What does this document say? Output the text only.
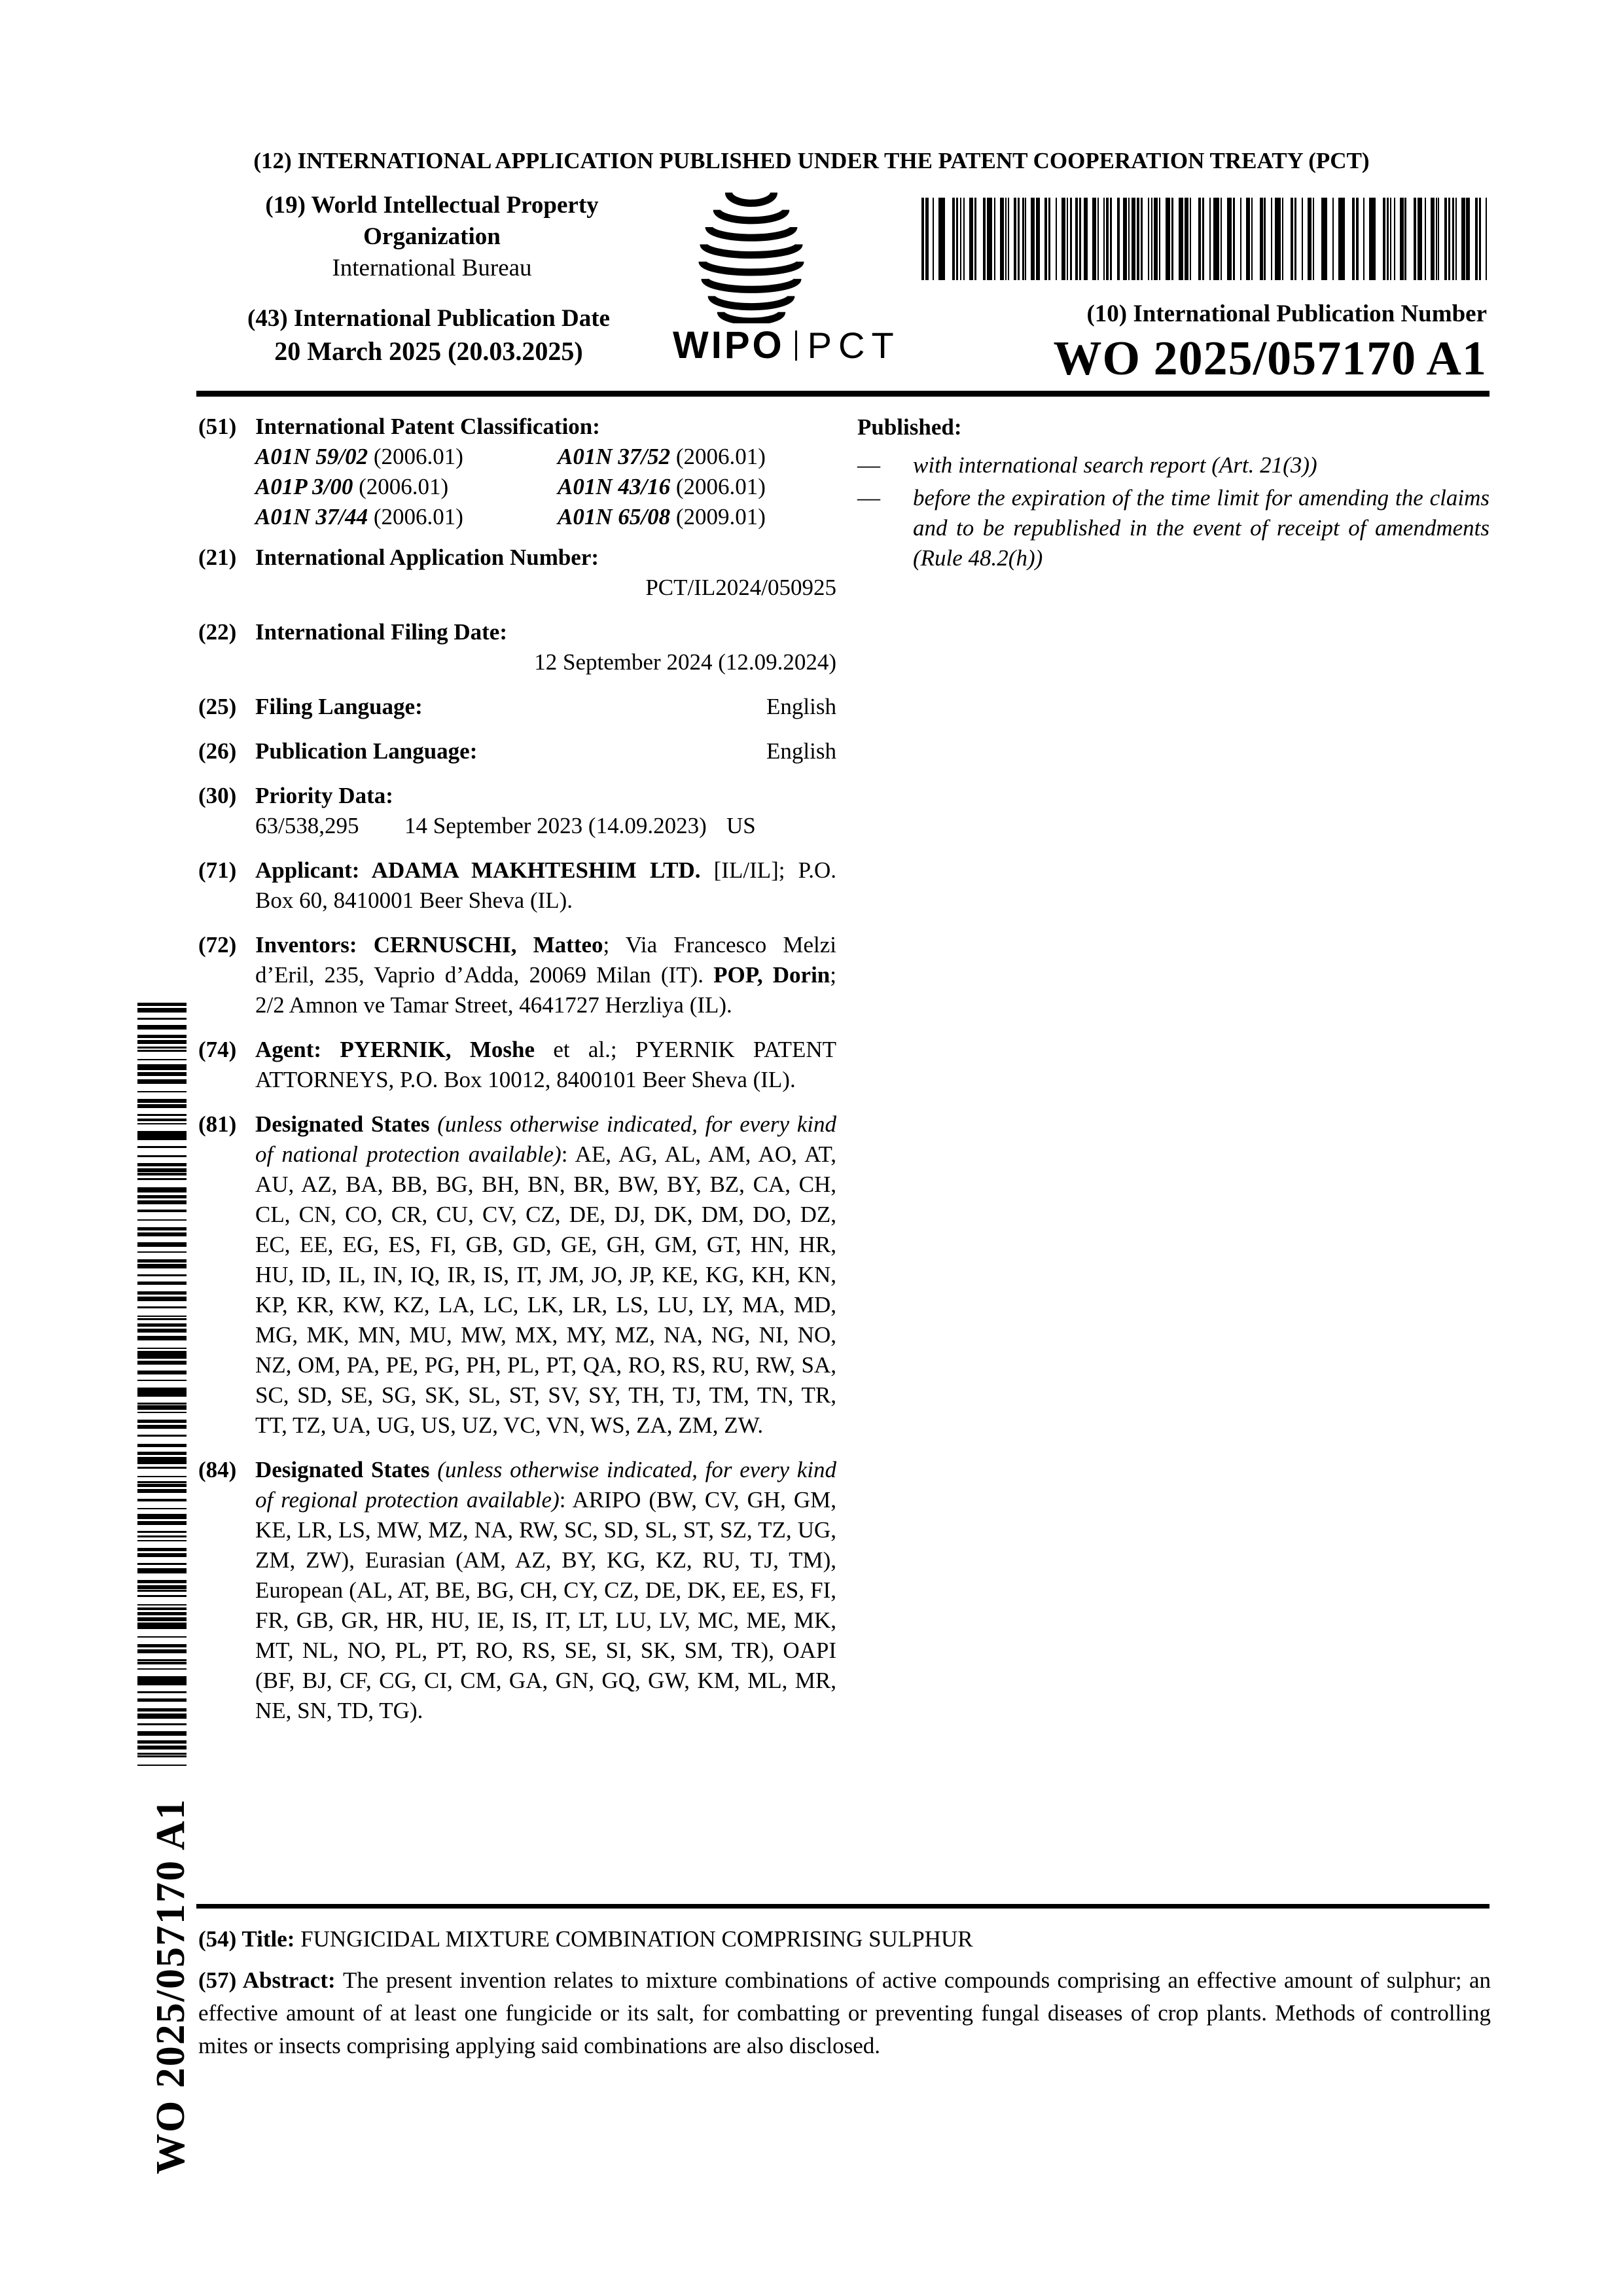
(12) INTERNATIONAL APPLICATION PUBLISHED UNDER THE PATENT COOPERATION TREATY (PCT)
(19) World Intellectual Property
Organization
International Bureau
(43) International Publication Date
20 March 2025 (20.03.2025)	WIPO PCT
(10) International Publication Number
WO 2025/057170 A1
(51) International Patent Classification:
A01N 59/02 (2006.01)	A01N 37/52 (2006.01)
A01P 3/00 (2006.01)	A01N 43/16 (2006.01)
A01N 37/44 (2006.01)	A01N 65/08 (2009.01)
(21) International Application Number:
PCT/IL2024/050925
(22) International Filing Date:
12 September 2024 (12.09.2024)
(25) Filing Language:	English
(26) Publication Language:	English
(30) Priority Data:
63/538,295	14 September 2023 (14.09.2023) US
(71) Applicant: ADAMA MAKHTESHIM LTD. [IL/IL]; P.O. Box 60, 8410001 Beer Sheva (IL).

(72) Inventors: CERNUSCHI, Matteo; Via Francesco Melzi d’Eril, 235, Vaprio d’Adda, 20069 Milan (IT). POP, Dorin; 2/2 Amnon ve Tamar Street, 4641727 Herzliya (IL).

(74) Agent: PYERNIK, Moshe et al.; PYERNIK PATENT ATTORNEYS, P.O. Box 10012, 8400101 Beer Sheva (IL).

(81) Designated States (unless otherwise indicated, for every kind of national protection available): AE, AG, AL, AM, AO, AT, AU, AZ, BA, BB, BG, BH, BN, BR, BW, BY, BZ, CA, CH, CL, CN, CO, CR, CU, CV, CZ, DE, DJ, DK, DM, DO, DZ, EC, EE, EG, ES, FI, GB, GD, GE, GH, GM, GT, HN, HR, HU, ID, IL, IN, IQ, IR, IS, IT, JM, JO, JP, KE, KG, KH, KN, KP, KR, KW, KZ, LA, LC, LK, LR, LS, LU, LY, MA, MD, MG, MK, MN, MU, MW, MX, MY, MZ, NA, NG, NI, NO, NZ, OM, PA, PE, PG, PH, PL, PT, QA, RO, RS, RU, RW, SA, SC, SD, SE, SG, SK, SL, ST, SV, SY, TH, TJ, TM, TN, TR, TT, TZ, UA, UG, US, UZ, VC, VN, WS, ZA, ZM, ZW.

(84) Designated States (unless otherwise indicated, for every kind of regional protection available): ARIPO (BW, CV, GH, GM, KE, LR, LS, MW, MZ, NA, RW, SC, SD, SL, ST, SZ, TZ, UG, ZM, ZW), Eurasian (AM, AZ, BY, KG, KZ, RU, TJ, TM), European (AL, AT, BE, BG, CH, CY, CZ, DE, DK, EE, ES, FI, FR, GB, GR, HR, HU, IE, IS, IT, LT, LU, LV, MC, ME, MK, MT, NL, NO, PL, PT, RO, RS, SE, SI, SK, SM, TR), OAPI (BF, BJ, CF, CG, CI, CM, GA, GN, GQ, GW, KM, ML, MR, NE, SN, TD, TG).

Published:
—	with international search report (Art. 21(3))
—	before the expiration of the time limit for amending the claims and to be republished in the event of receipt of amendments (Rule 48.2(h))

(54) Title: FUNGICIDAL MIXTURE COMBINATION COMPRISING SULPHUR

(57) Abstract: The present invention relates to mixture combinations of active compounds comprising an effective amount of sulphur; an effective amount of at least one fungicide or its salt, for combatting or preventing fungal diseases of crop plants. Methods of controlling mites or insects comprising applying said combinations are also disclosed.

WO 2025/057170 A1
